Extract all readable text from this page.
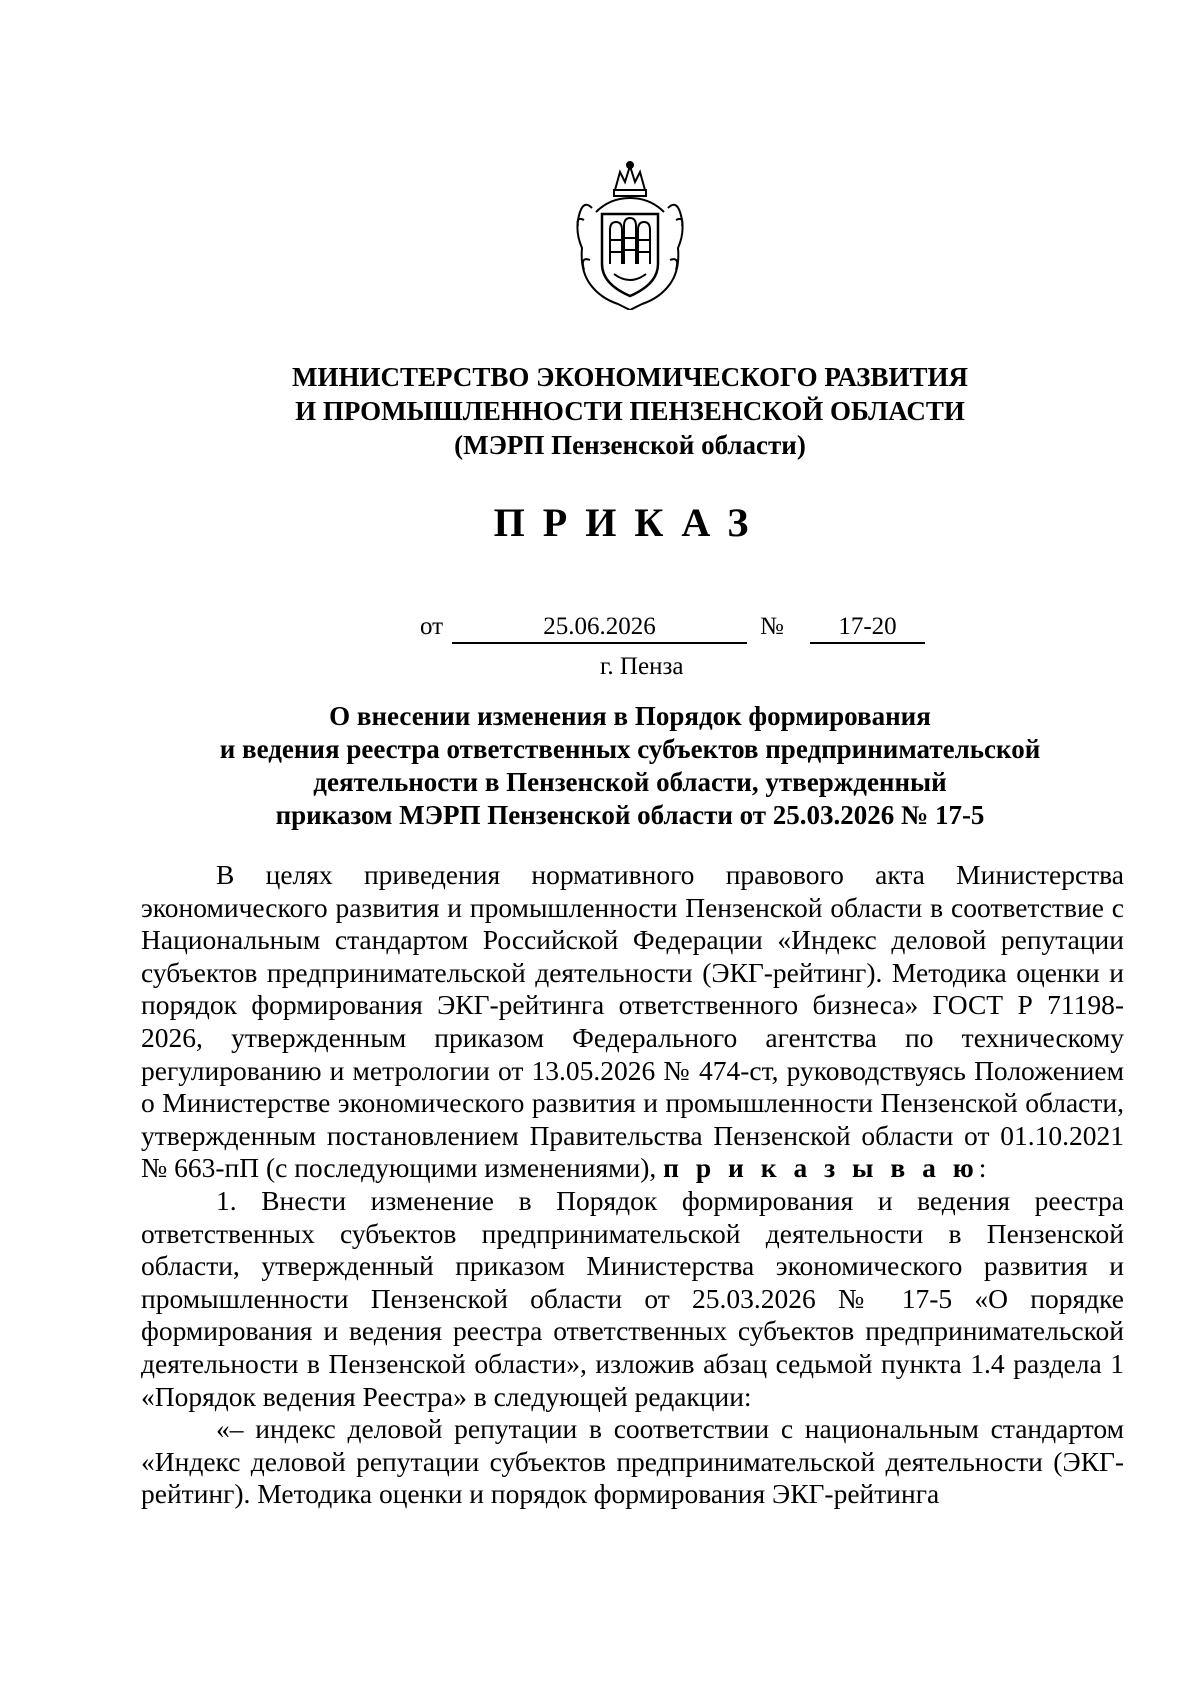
МИНИСТЕРСТВО ЭКОНОМИЧЕСКОГО РАЗВИТИЯ
И ПРОМЫШЛЕННОСТИ ПЕНЗЕНСКОЙ ОБЛАСТИ
(МЭРП Пензенской области)
ПРИКАЗ
от	25.06.2026	№	17-20
г. Пенза
О внесении изменения в Порядок формирования
и ведения реестра ответственных субъектов предпринимательской
деятельности в Пензенской области, утвержденный
приказом МЭРП Пензенской области от 25.03.2026 № 17-5

В целях приведения нормативного правового акта Министерства экономического развития и промышленности Пензенской области в соответствие с Национальным стандартом Российской Федерации «Индекс деловой репутации субъектов предпринимательской деятельности (ЭКГ-рейтинг). Методика оценки и порядок формирования ЭКГ-рейтинга ответственного бизнеса» ГОСТ Р 71198-2026, утвержденным приказом Федерального агентства по техническому регулированию и метрологии от 13.05.2026 № 474-ст, руководствуясь Положением о Министерстве экономического развития и промышленности Пензенской области, утвержденным постановлением Правительства Пензенской области от 01.10.2021 № 663-пП (с последующими изменениями), п р и к а з ы в а ю:

1. Внести изменение в Порядок формирования и ведения реестра ответственных субъектов предпринимательской деятельности в Пензенской области, утвержденный приказом Министерства экономического развития и промышленности Пензенской области от 25.03.2026 № 17-5 «О порядке формирования и ведения реестра ответственных субъектов предпринимательской деятельности в Пензенской области», изложив абзац седьмой пункта 1.4 раздела 1 «Порядок ведения Реестра» в следующей редакции:

«– индекс деловой репутации в соответствии с национальным стандартом «Индекс деловой репутации субъектов предпринимательской деятельности (ЭКГ-рейтинг). Методика оценки и порядок формирования ЭКГ-рейтинга
